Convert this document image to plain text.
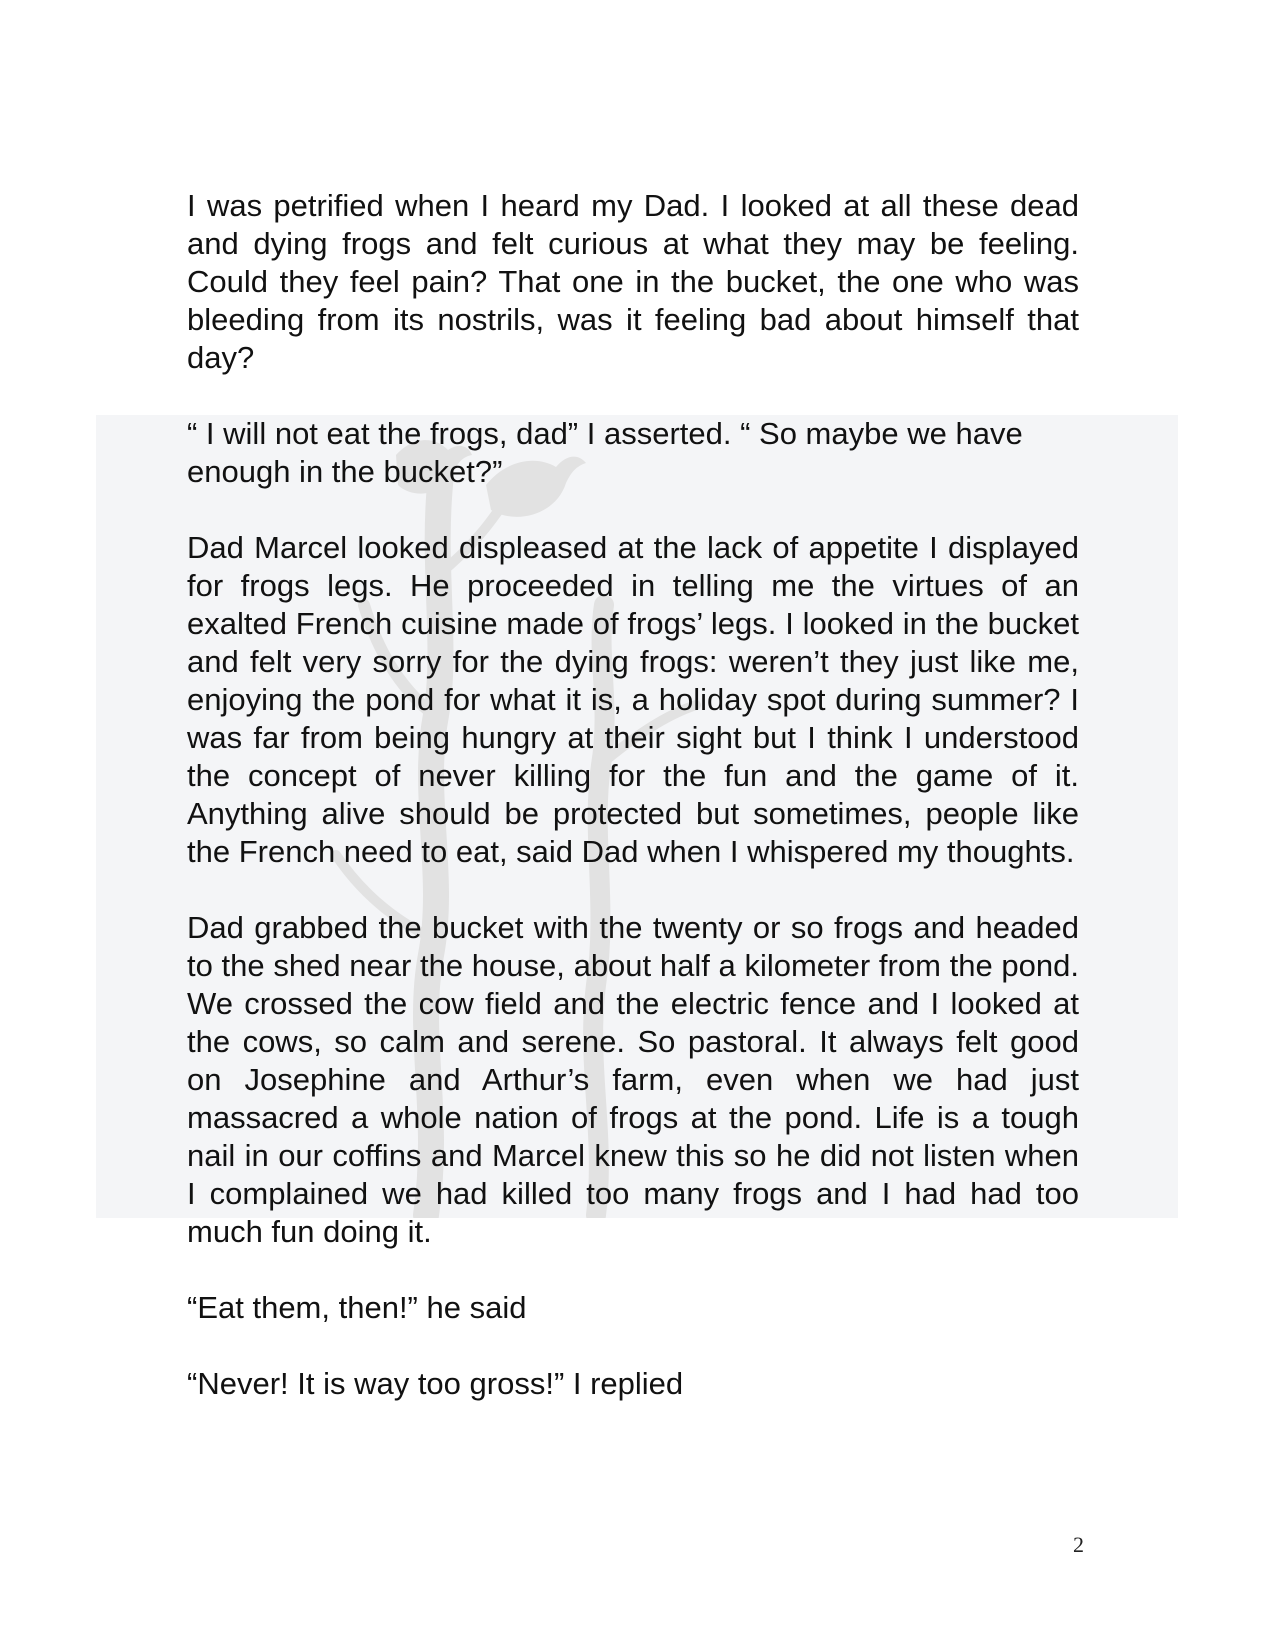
I was petrified when I heard my Dad. I looked at all these dead and dying frogs and felt curious at what they may be feeling. Could they feel pain? That one in the bucket, the one who was bleeding from its nostrils, was it feeling bad about himself that day?

“ I will not eat the frogs, dad” I asserted. “ So maybe we have enough in the bucket?”

Dad Marcel looked displeased at the lack of appetite I displayed for frogs legs. He proceeded in telling me the virtues of an exalted French cuisine made of frogs’ legs. I looked in the bucket and felt very sorry for the dying frogs: weren’t they just like me, enjoying the pond for what it is, a holiday spot during summer? I was far from being hungry at their sight but I think I understood the concept of never killing for the fun and the game of it. Anything alive should be protected but sometimes, people like the French need to eat, said Dad when I whispered my thoughts.

Dad grabbed the bucket with the twenty or so frogs and headed to the shed near the house, about half a kilometer from the pond. We crossed the cow field and the electric fence and I looked at the cows, so calm and serene. So pastoral. It always felt good on Josephine and Arthur’s farm, even when we had just massacred a whole nation of frogs at the pond. Life is a tough nail in our coffins and Marcel knew this so he did not listen when I complained we had killed too many frogs and I had had too much fun doing it.

“Eat them, then!” he said

“Never! It is way too gross!” I replied

2
